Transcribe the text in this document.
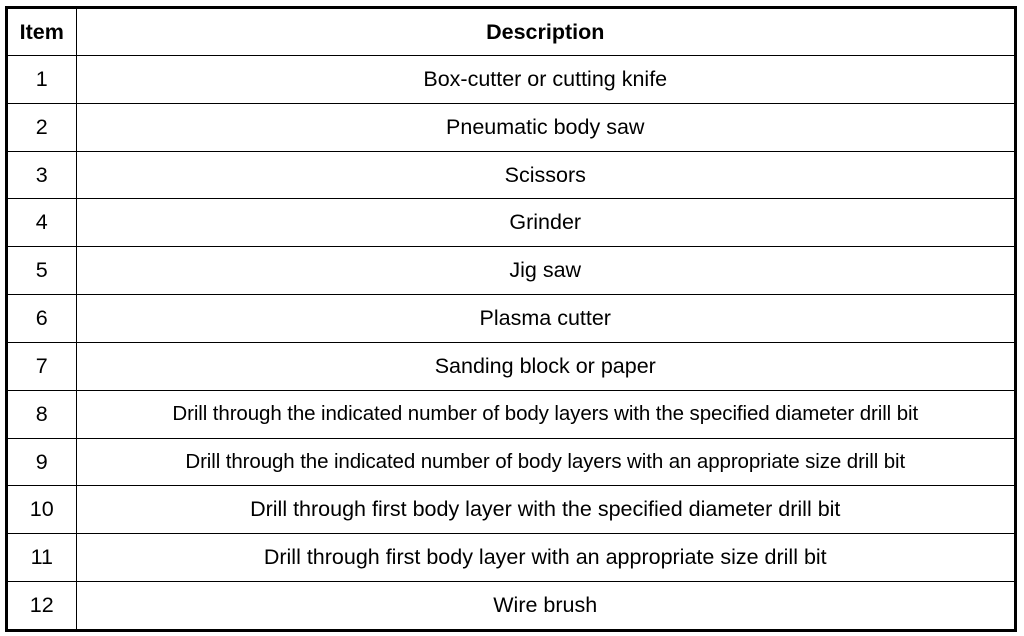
Item	Description
1	Box-cutter or cutting knife
2	Pneumatic body saw
3	Scissors
4	Grinder
5	Jig saw
6	Plasma cutter
7	Sanding block or paper
8	Drill through the indicated number of body layers with the specified diameter drill bit
9	Drill through the indicated number of body layers with an appropriate size drill bit
10	Drill through first body layer with the specified diameter drill bit
11	Drill through first body layer with an appropriate size drill bit
12	Wire brush
